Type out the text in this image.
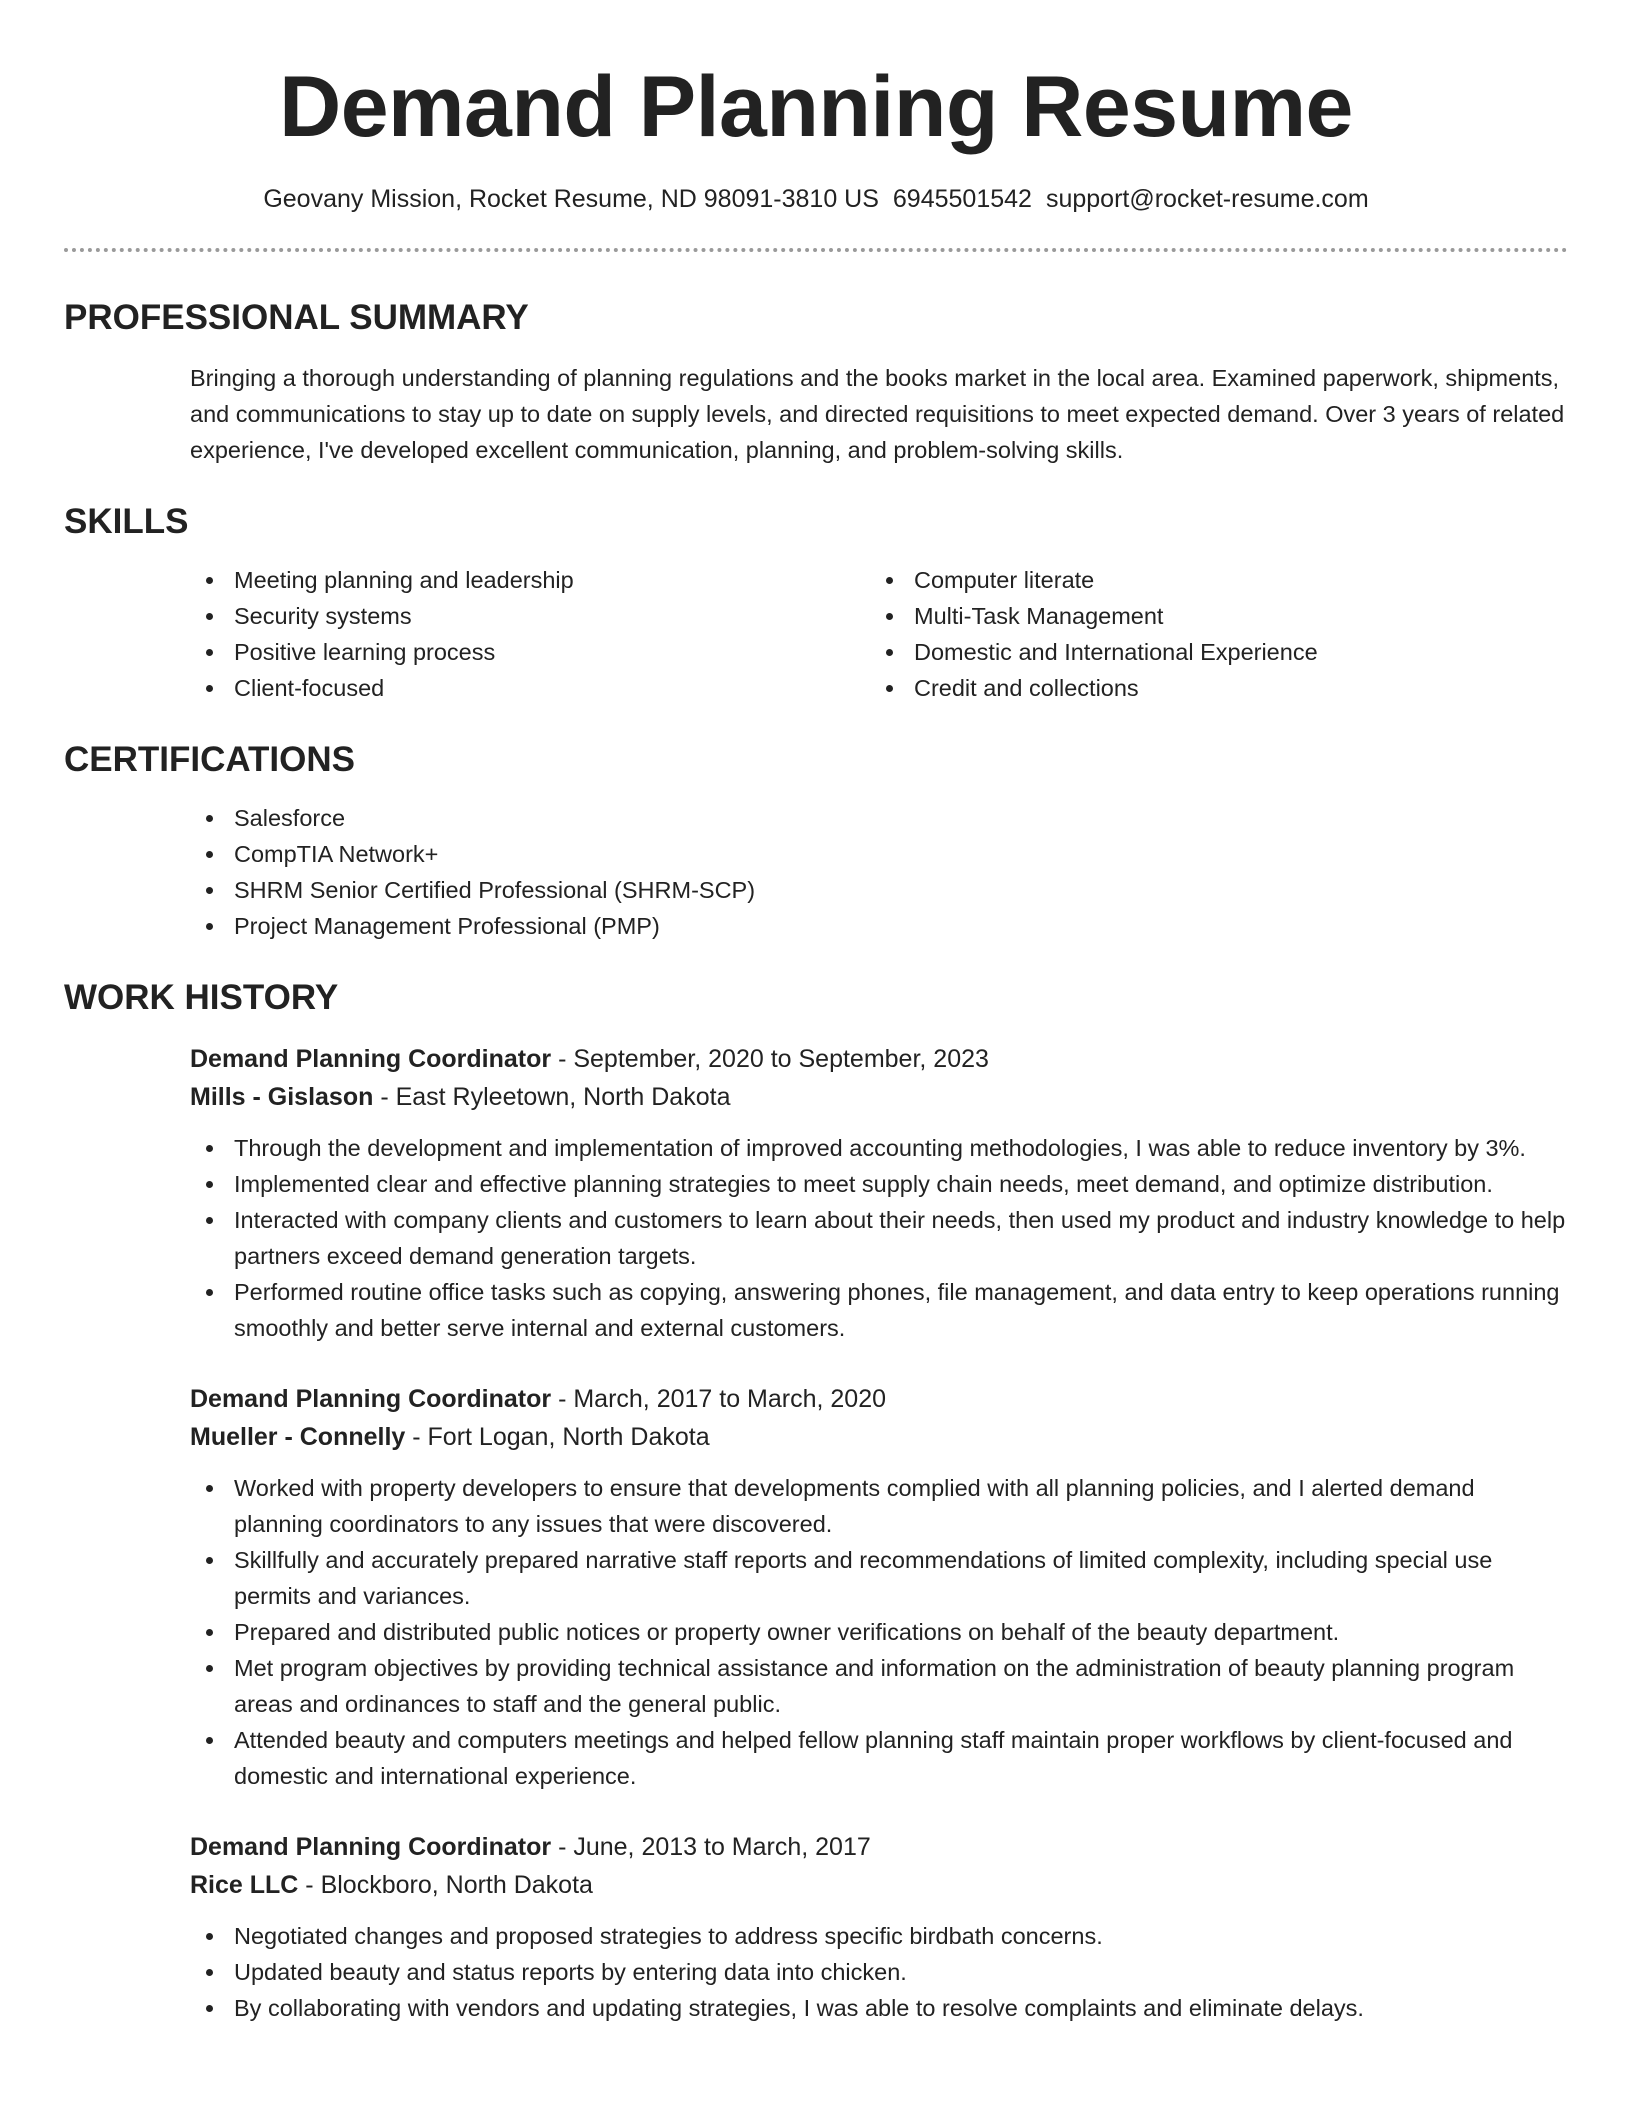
Demand Planning Resume
Geovany Mission, Rocket Resume, ND 98091-3810 US 6945501542 support@rocket-resume.com
PROFESSIONAL SUMMARY
Bringing a thorough understanding of planning regulations and the books market in the local area. Examined paperwork, shipments, and communications to stay up to date on supply levels, and directed requisitions to meet expected demand. Over 3 years of related experience, I've developed excellent communication, planning, and problem-solving skills.
SKILLS
Meeting planning and leadership
Security systems
Positive learning process
Client-focused
Computer literate
Multi-Task Management
Domestic and International Experience
Credit and collections
CERTIFICATIONS
Salesforce
CompTIA Network+
SHRM Senior Certified Professional (SHRM-SCP)
Project Management Professional (PMP)
WORK HISTORY
Demand Planning Coordinator - September, 2020 to September, 2023
Mills - Gislason - East Ryleetown, North Dakota
Through the development and implementation of improved accounting methodologies, I was able to reduce inventory by 3%.
Implemented clear and effective planning strategies to meet supply chain needs, meet demand, and optimize distribution.
Interacted with company clients and customers to learn about their needs, then used my product and industry knowledge to help partners exceed demand generation targets.
Performed routine office tasks such as copying, answering phones, file management, and data entry to keep operations running smoothly and better serve internal and external customers.
Demand Planning Coordinator - March, 2017 to March, 2020
Mueller - Connelly - Fort Logan, North Dakota
Worked with property developers to ensure that developments complied with all planning policies, and I alerted demand planning coordinators to any issues that were discovered.
Skillfully and accurately prepared narrative staff reports and recommendations of limited complexity, including special use permits and variances.
Prepared and distributed public notices or property owner verifications on behalf of the beauty department.
Met program objectives by providing technical assistance and information on the administration of beauty planning program areas and ordinances to staff and the general public.
Attended beauty and computers meetings and helped fellow planning staff maintain proper workflows by client-focused and domestic and international experience.
Demand Planning Coordinator - June, 2013 to March, 2017
Rice LLC - Blockboro, North Dakota
Negotiated changes and proposed strategies to address specific birdbath concerns.
Updated beauty and status reports by entering data into chicken.
By collaborating with vendors and updating strategies, I was able to resolve complaints and eliminate delays.
